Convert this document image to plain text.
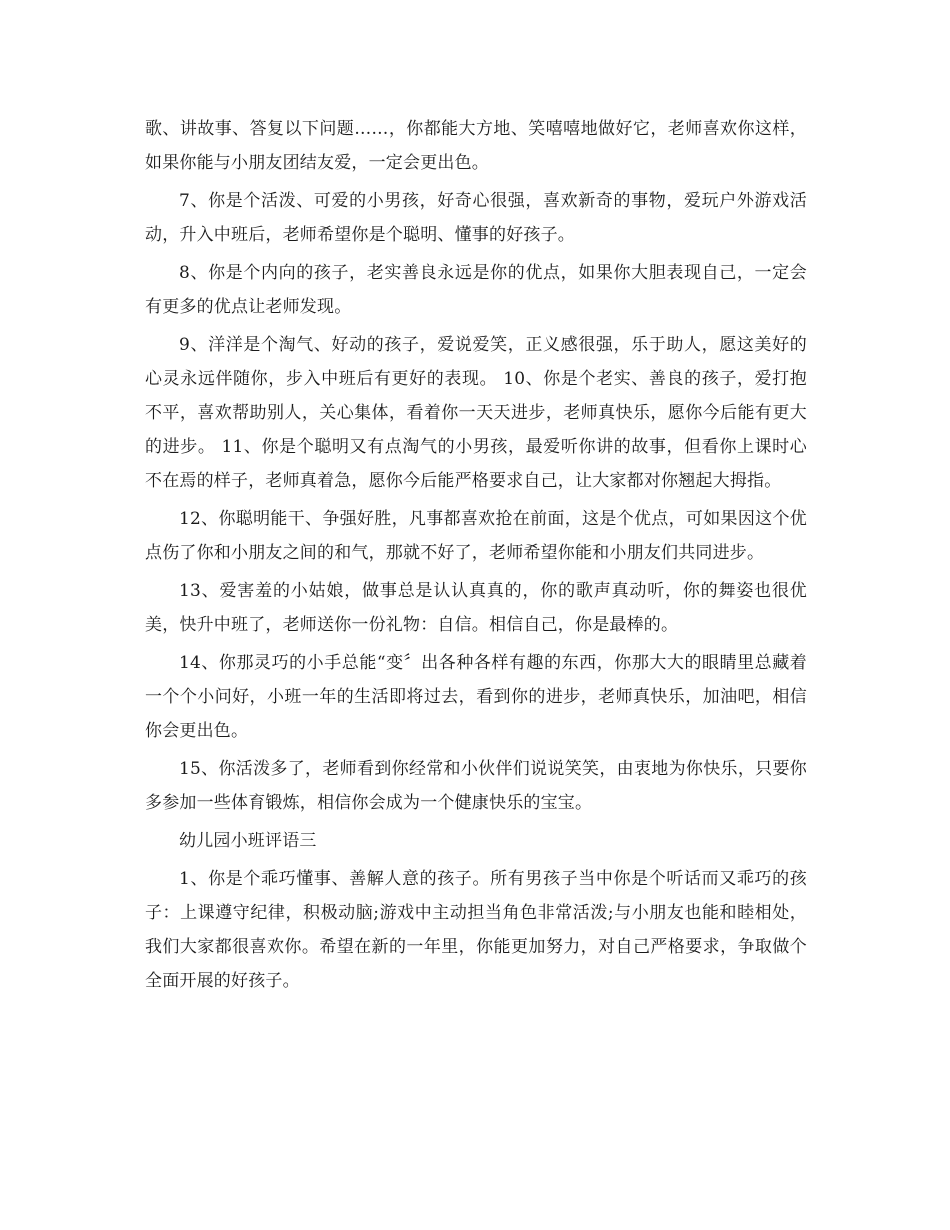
歌、讲故事、答复以下问题……，你都能大方地、笑嘻嘻地做好它，老师喜欢你这样，如果你能与小朋友团结友爱，一定会更出色。

7、你是个活泼、可爱的小男孩，好奇心很强，喜欢新奇的事物，爱玩户外游戏活动，升入中班后，老师希望你是个聪明、懂事的好孩子。

8、你是个内向的孩子，老实善良永远是你的优点，如果你大胆表现自己，一定会有更多的优点让老师发现。

9、洋洋是个淘气、好动的孩子，爱说爱笑，正义感很强，乐于助人，愿这美好的心灵永远伴随你，步入中班后有更好的表现。 10、你是个老实、善良的孩子，爱打抱不平，喜欢帮助别人，关心集体，看着你一天天进步，老师真快乐，愿你今后能有更大的进步。 11、你是个聪明又有点淘气的小男孩，最爱听你讲的故事，但看你上课时心不在焉的样子，老师真着急，愿你今后能严格要求自己，让大家都对你翘起大拇指。

12、你聪明能干、争强好胜，凡事都喜欢抢在前面，这是个优点，可如果因这个优点伤了你和小朋友之间的和气，那就不好了，老师希望你能和小朋友们共同进步。

13、爱害羞的小姑娘，做事总是认认真真的，你的歌声真动听，你的舞姿也很优美，快升中班了，老师送你一份礼物：自信。相信自己，你是最棒的。

14、你那灵巧的小手总能“变〞出各种各样有趣的东西，你那大大的眼睛里总藏着一个个小问好，小班一年的生活即将过去，看到你的进步，老师真快乐，加油吧，相信你会更出色。

15、你活泼多了，老师看到你经常和小伙伴们说说笑笑，由衷地为你快乐，只要你多参加一些体育锻炼，相信你会成为一个健康快乐的宝宝。

幼儿园小班评语三

1、你是个乖巧懂事、善解人意的孩子。所有男孩子当中你是个听话而又乖巧的孩子：上课遵守纪律，积极动脑;游戏中主动担当角色非常活泼;与小朋友也能和睦相处，我们大家都很喜欢你。希望在新的一年里，你能更加努力，对自己严格要求，争取做个全面开展的好孩子。
